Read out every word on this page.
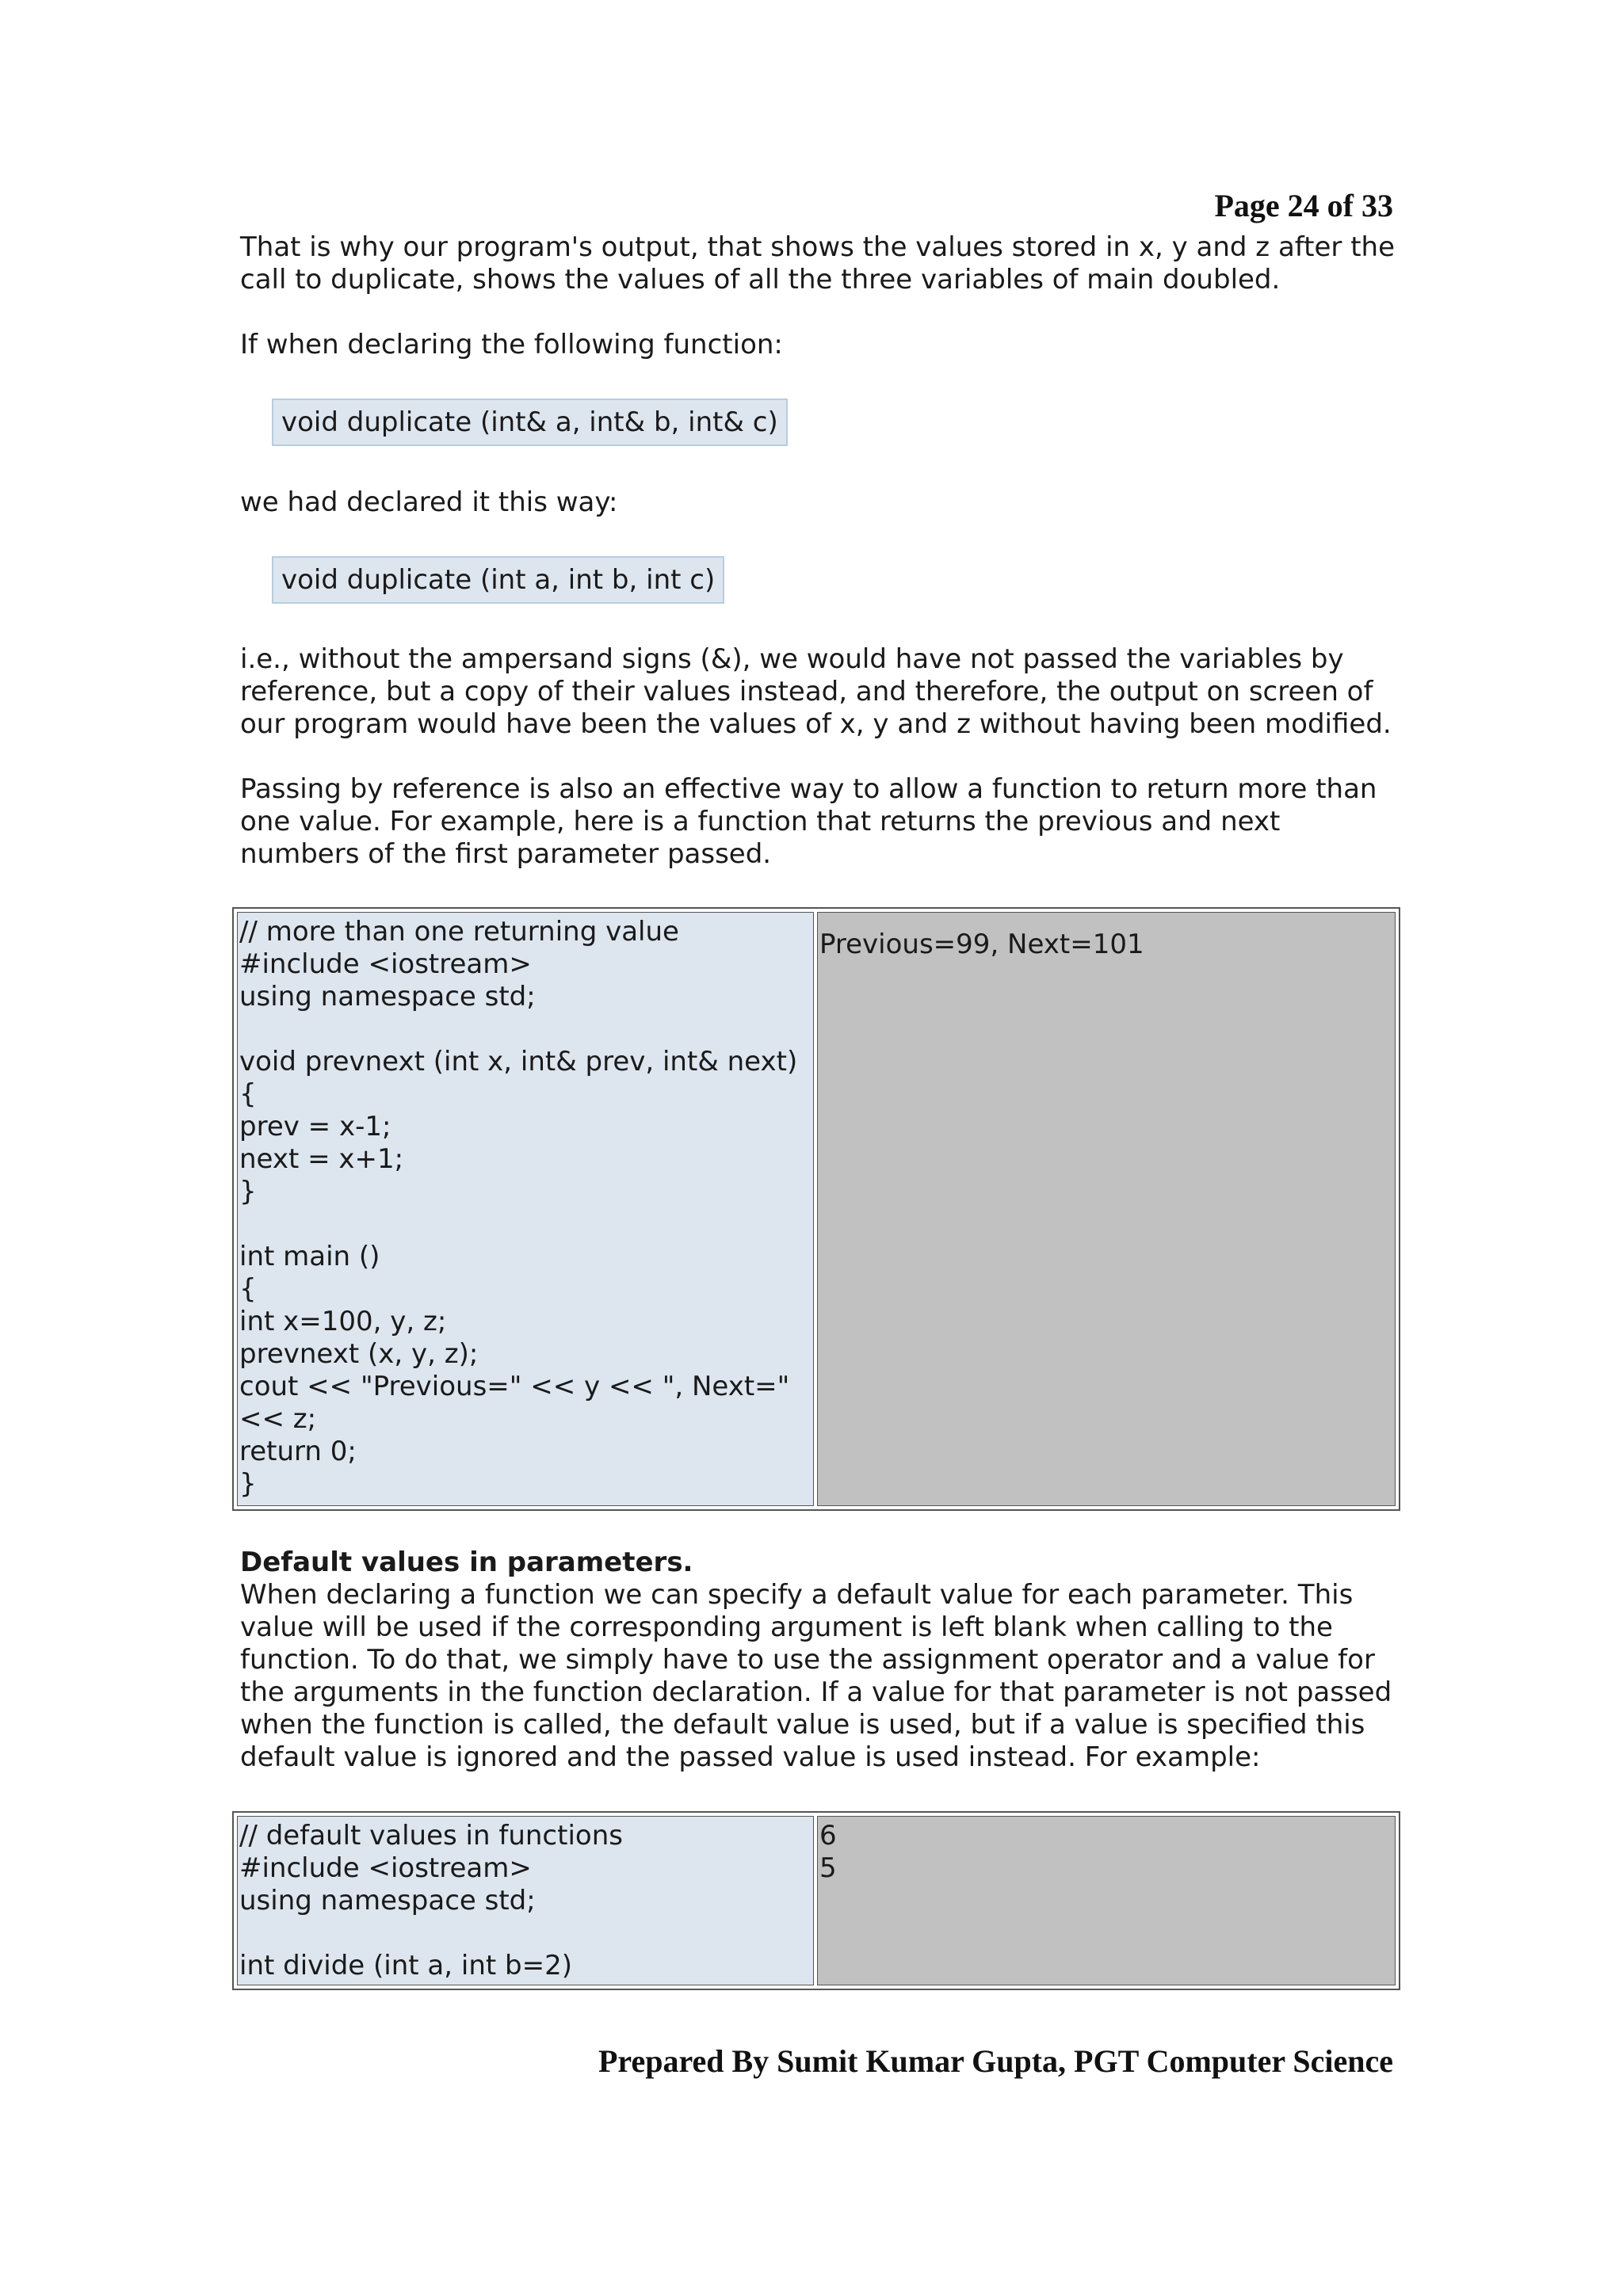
Page 24 of 33

That is why our program's output, that shows the values stored in x, y and z after the call to duplicate, shows the values of all the three variables of main doubled.

If when declaring the following function:

void duplicate (int& a, int& b, int& c)

we had declared it this way:

void duplicate (int a, int b, int c)

i.e., without the ampersand signs (&), we would have not passed the variables by reference, but a copy of their values instead, and therefore, the output on screen of our program would have been the values of x, y and z without having been modified.

Passing by reference is also an effective way to allow a function to return more than one value. For example, here is a function that returns the previous and next numbers of the first parameter passed.

// more than one returning value
#include <iostream>
using namespace std;

void prevnext (int x, int& prev, int& next)
{
prev = x-1;
next = x+1;
}

int main ()
{
int x=100, y, z;
prevnext (x, y, z);
cout << "Previous=" << y << ", Next="
<< z;
return 0;
}
Previous=99, Next=101

Default values in parameters.

When declaring a function we can specify a default value for each parameter. This value will be used if the corresponding argument is left blank when calling to the function. To do that, we simply have to use the assignment operator and a value for the arguments in the function declaration. If a value for that parameter is not passed when the function is called, the default value is used, but if a value is specified this default value is ignored and the passed value is used instead. For example:

// default values in functions
#include <iostream>
using namespace std;

int divide (int a, int b=2)
6
5
Prepared By Sumit Kumar Gupta, PGT Computer Science
